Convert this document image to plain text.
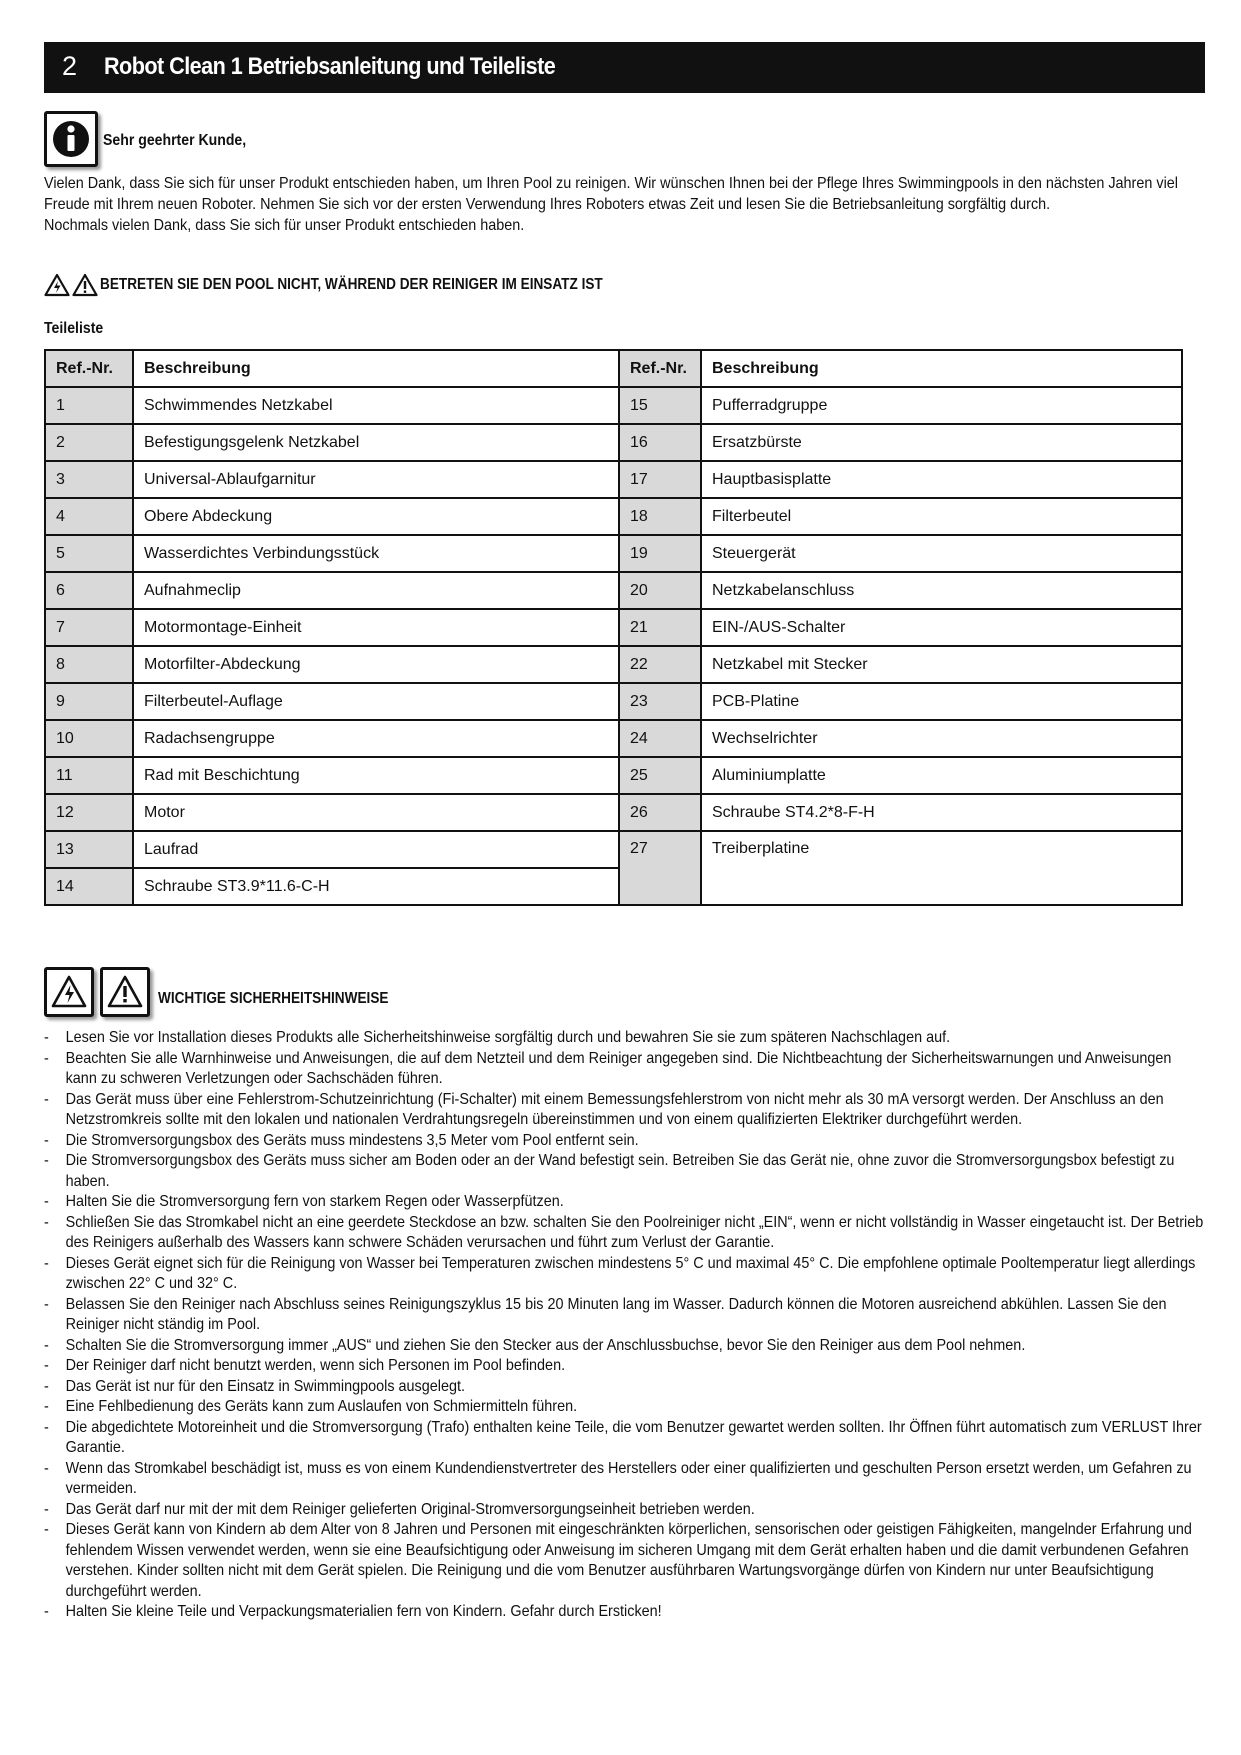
2 Robot Clean 1 Betriebsanleitung und Teileliste
Sehr geehrter Kunde,

Vielen Dank, dass Sie sich für unser Produkt entschieden haben, um Ihren Pool zu reinigen. Wir wünschen Ihnen bei der Pflege Ihres Swimmingpools in den nächsten Jahren viel Freude mit Ihrem neuen Roboter. Nehmen Sie sich vor der ersten Verwendung Ihres Roboters etwas Zeit und lesen Sie die Betriebsanleitung sorgfältig durch.

Nochmals vielen Dank, dass Sie sich für unser Produkt entschieden haben.

BETRETEN SIE DEN POOL NICHT, WÄHREND DER REINIGER IM EINSATZ IST
Teileliste
Ref.-Nr.	Beschreibung	Ref.-Nr.	Beschreibung
1	Schwimmendes Netzkabel	15	Pufferradgruppe
2	Befestigungsgelenk Netzkabel	16	Ersatzbürste
3	Universal-Ablaufgarnitur	17	Hauptbasisplatte
4	Obere Abdeckung	18	Filterbeutel
5	Wasserdichtes Verbindungsstück	19	Steuergerät
6	Aufnahmeclip	20	Netzkabelanschluss
7	Motormontage-Einheit	21	EIN-/AUS-Schalter
8	Motorfilter-Abdeckung	22	Netzkabel mit Stecker
9	Filterbeutel-Auflage	23	PCB-Platine
10	Radachsengruppe	24	Wechselrichter
11	Rad mit Beschichtung	25	Aluminiumplatte
12	Motor	26	Schraube ST4.2*8-F-H
13	Laufrad	27	Treiberplatine
14	Schraube ST3.9*11.6-C-H		
WICHTIGE SICHERHEITSHINWEISE
- Lesen Sie vor Installation dieses Produkts alle Sicherheitshinweise sorgfältig durch und bewahren Sie sie zum späteren Nachschlagen auf.
- Beachten Sie alle Warnhinweise und Anweisungen, die auf dem Netzteil und dem Reiniger angegeben sind. Die Nichtbeachtung der Sicherheitswarnungen und Anweisungen kann zu schweren Verletzungen oder Sachschäden führen.
- Das Gerät muss über eine Fehlerstrom-Schutzeinrichtung (Fi-Schalter) mit einem Bemessungsfehlerstrom von nicht mehr als 30 mA versorgt werden. Der Anschluss an den Netzstromkreis sollte mit den lokalen und nationalen Verdrahtungsregeln übereinstimmen und von einem qualifizierten Elektriker durchgeführt werden.
- Die Stromversorgungsbox des Geräts muss mindestens 3,5 Meter vom Pool entfernt sein.
- Die Stromversorgungsbox des Geräts muss sicher am Boden oder an der Wand befestigt sein. Betreiben Sie das Gerät nie, ohne zuvor die Stromversorgungsbox befestigt zu haben.
- Halten Sie die Stromversorgung fern von starkem Regen oder Wasserpfützen.
- Schließen Sie das Stromkabel nicht an eine geerdete Steckdose an bzw. schalten Sie den Poolreiniger nicht „EIN“, wenn er nicht vollständig in Wasser eingetaucht ist. Der Betrieb des Reinigers außerhalb des Wassers kann schwere Schäden verursachen und führt zum Verlust der Garantie.
- Dieses Gerät eignet sich für die Reinigung von Wasser bei Temperaturen zwischen mindestens 5° C und maximal 45° C. Die empfohlene optimale Pooltemperatur liegt allerdings zwischen 22° C und 32° C.
- Belassen Sie den Reiniger nach Abschluss seines Reinigungszyklus 15 bis 20 Minuten lang im Wasser. Dadurch können die Motoren ausreichend abkühlen. Lassen Sie den Reiniger nicht ständig im Pool.
- Schalten Sie die Stromversorgung immer „AUS“ und ziehen Sie den Stecker aus der Anschlussbuchse, bevor Sie den Reiniger aus dem Pool nehmen.
- Der Reiniger darf nicht benutzt werden, wenn sich Personen im Pool befinden.
- Das Gerät ist nur für den Einsatz in Swimmingpools ausgelegt.
- Eine Fehlbedienung des Geräts kann zum Auslaufen von Schmiermitteln führen.
- Die abgedichtete Motoreinheit und die Stromversorgung (Trafo) enthalten keine Teile, die vom Benutzer gewartet werden sollten. Ihr Öffnen führt automatisch zum VERLUST Ihrer Garantie.
- Wenn das Stromkabel beschädigt ist, muss es von einem Kundendienstvertreter des Herstellers oder einer qualifizierten und geschulten Person ersetzt werden, um Gefahren zu vermeiden.
- Das Gerät darf nur mit der mit dem Reiniger gelieferten Original-Stromversorgungseinheit betrieben werden.
- Dieses Gerät kann von Kindern ab dem Alter von 8 Jahren und Personen mit eingeschränkten körperlichen, sensorischen oder geistigen Fähigkeiten, mangelnder Erfahrung und fehlendem Wissen verwendet werden, wenn sie eine Beaufsichtigung oder Anweisung im sicheren Umgang mit dem Gerät erhalten haben und die damit verbundenen Gefahren verstehen. Kinder sollten nicht mit dem Gerät spielen. Die Reinigung und die vom Benutzer ausführbaren Wartungsvorgänge dürfen von Kindern nur unter Beaufsichtigung durchgeführt werden.
- Halten Sie kleine Teile und Verpackungsmaterialien fern von Kindern. Gefahr durch Ersticken!
